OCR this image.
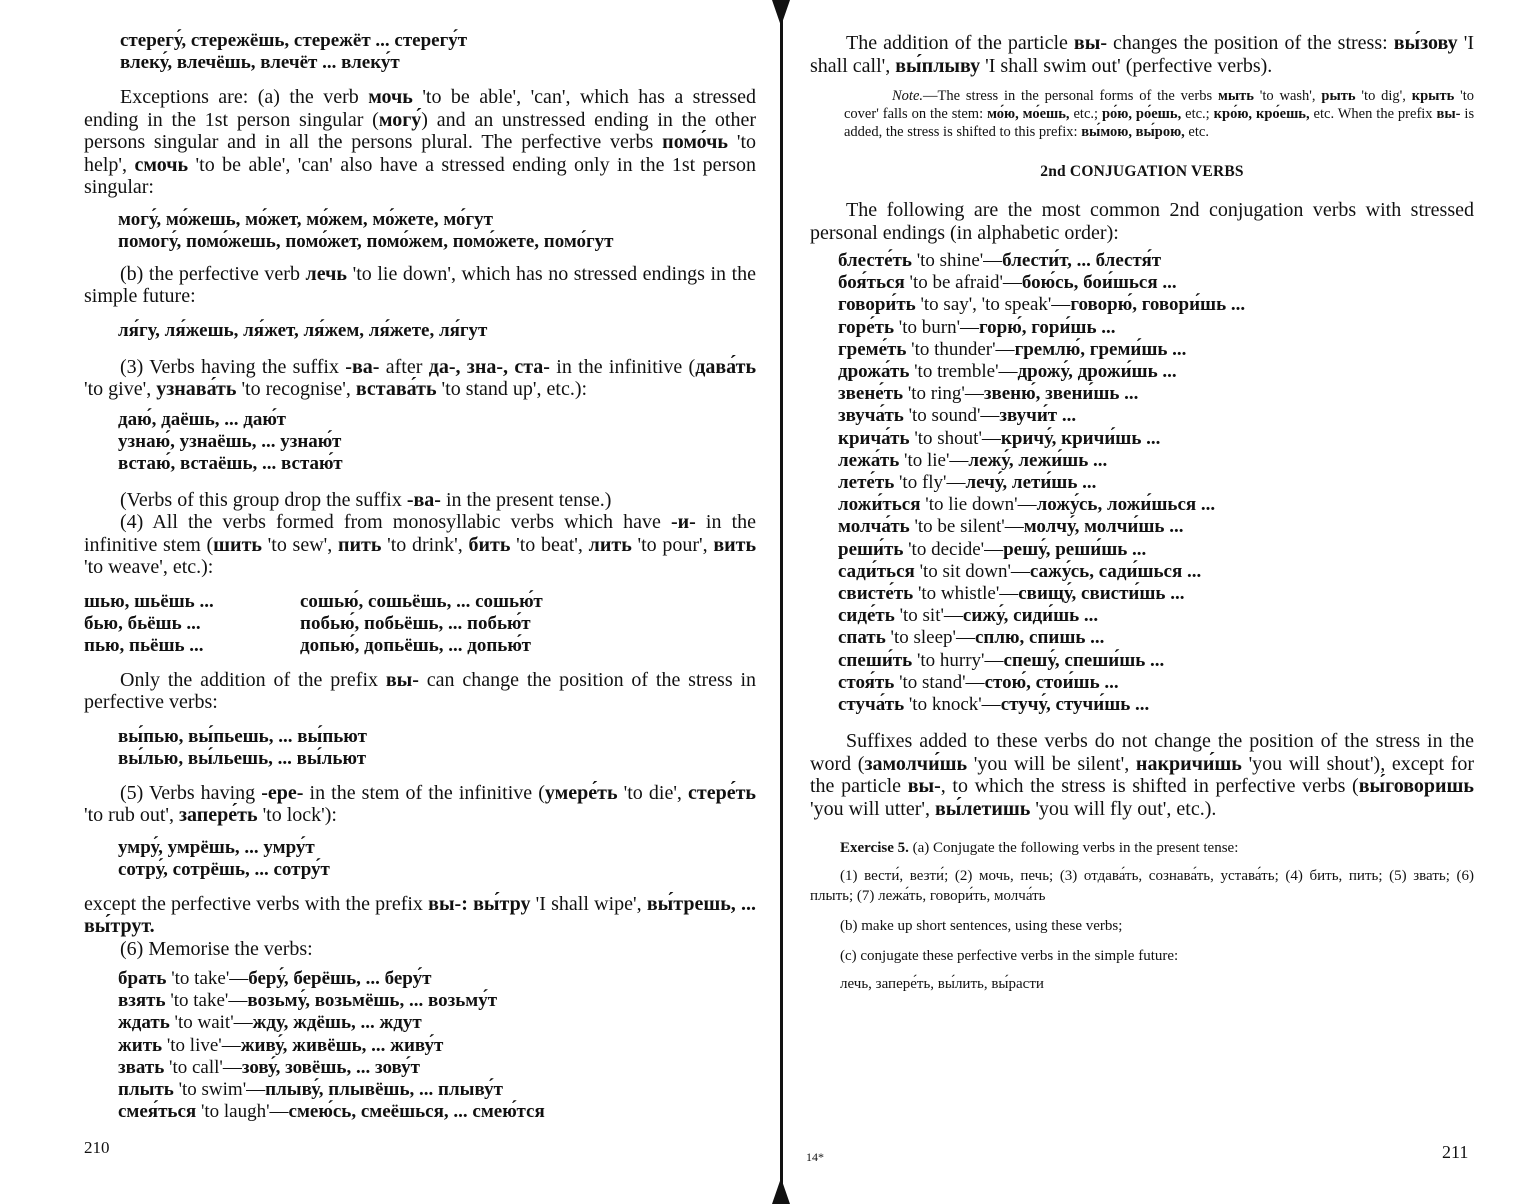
стерегу́, стережёшь, стережёт ... стерегу́т
влеку́, влечёшь, влечёт ... влеку́т

Exceptions are: (a) the verb мочь 'to be able', 'can', which has a stressed ending in the 1st person singular (могу́) and an unstressed ending in the other persons singular and in all the persons plural. The perfective verbs помо́чь 'to help', смочь 'to be able', 'can' also have a stressed ending only in the 1st person singular:

могу́, мо́жешь, мо́жет, мо́жем, мо́жете, мо́гут
помогу́, помо́жешь, помо́жет, помо́жем, помо́жете, помо́гут

(b) the perfective verb лечь 'to lie down', which has no stressed endings in the simple future:

ля́гу, ля́жешь, ля́жет, ля́жем, ля́жете, ля́гут

(3) Verbs having the suffix -ва- after да-, зна-, ста- in the infinitive (дава́ть 'to give', узнава́ть 'to recognise', встава́ть 'to stand up', etc.):

даю́, даёшь, ... даю́т
узнаю́, узнаёшь, ... узнаю́т
встаю́, встаёшь, ... встаю́т

(Verbs of this group drop the suffix -ва- in the present tense.)

(4) All the verbs formed from monosyllabic verbs which have -и- in the infinitive stem (шить 'to sew', пить 'to drink', бить 'to beat', лить 'to pour', вить 'to weave', etc.):

шью, шьёшь ...	сошью́, сошьёшь, ... сошью́т
бью, бьёшь ...	побью́, побьёшь, ... побью́т
пью, пьёшь ...	допью́, допьёшь, ... допью́т

Only the addition of the prefix вы- can change the position of the stress in perfective verbs:

вы́пью, вы́пьешь, ... вы́пьют
вы́лью, вы́льешь, ... вы́льют

(5) Verbs having -ере- in the stem of the infinitive (умере́ть 'to die', стере́ть 'to rub out', запере́ть 'to lock'):

умру́, умрёшь, ... умру́т
сотру́, сотрёшь, ... сотру́т

except the perfective verbs with the prefix вы-: вы́тру 'I shall wipe', вы́трешь, ... вы́трут.

(6) Memorise the verbs:

брать 'to take'—беру́, берёшь, ... беру́т
взять 'to take'—возьму́, возьмёшь, ... возьму́т
ждать 'to wait'—жду, ждёшь, ... ждут
жить 'to live'—живу́, живёшь, ... живу́т
звать 'to call'—зову́, зовёшь, ... зову́т
плыть 'to swim'—плыву́, плывёшь, ... плыву́т
смея́ться 'to laugh'—смею́сь, смеёшься, ... смею́тся

The addition of the particle вы- changes the position of the stress: вы́зову 'I shall call', вы́плыву 'I shall swim out' (perfective verbs).

Note.—The stress in the personal forms of the verbs мыть 'to wash', рыть 'to dig', крыть 'to cover' falls on the stem: мо́ю, мо́ешь, etc.; ро́ю, ро́ешь, etc.; кро́ю, кро́ешь, etc. When the prefix вы- is added, the stress is shifted to this prefix: вы́мою, вы́рою, etc.

2nd CONJUGATION VERBS

The following are the most common 2nd conjugation verbs with stressed personal endings (in alphabetic order):

блесте́ть 'to shine'—блести́т, ... блестя́т
боя́ться 'to be afraid'—бою́сь, бои́шься ...
говори́ть 'to say', 'to speak'—говорю́, говори́шь ...
горе́ть 'to burn'—горю́, гори́шь ...
греме́ть 'to thunder'—гремлю́, греми́шь ...
дрожа́ть 'to tremble'—дрожу́, дрожи́шь ...
звене́ть 'to ring'—звеню́, звени́шь ...
звуча́ть 'to sound'—звучи́т ...
крича́ть 'to shout'—кричу́, кричи́шь ...
лежа́ть 'to lie'—лежу́, лежи́шь ...
лете́ть 'to fly'—лечу́, лети́шь ...
ложи́ться 'to lie down'—ложу́сь, ложи́шься ...
молча́ть 'to be silent'—молчу́, молчи́шь ...
реши́ть 'to decide'—решу́, реши́шь ...
сади́ться 'to sit down'—сажу́сь, сади́шься ...
свисте́ть 'to whistle'—свищу́, свисти́шь ...
сиде́ть 'to sit'—сижу́, сиди́шь ...
спать 'to sleep'—сплю, спишь ...
спеши́ть 'to hurry'—спешу́, спеши́шь ...
стоя́ть 'to stand'—стою́, стои́шь ...
стуча́ть 'to knock'—стучу́, стучи́шь ...

Suffixes added to these verbs do not change the position of the stress in the word (замолчи́шь 'you will be silent', накричи́шь 'you will shout'), except for the particle вы-, to which the stress is shifted in perfective verbs (вы́говоришь 'you will utter', вы́летишь 'you will fly out', etc.).

Exercise 5. (a) Conjugate the following verbs in the present tense:

(1) вести́, везти́; (2) мочь, печь; (3) отдава́ть, сознава́ть, устава́ть; (4) бить, пить; (5) звать; (6) плыть; (7) лежа́ть, говори́ть, молча́ть

(b) make up short sentences, using these verbs;

(c) conjugate these perfective verbs in the simple future:

лечь, запере́ть, вы́лить, вы́расти

210	14*	211
